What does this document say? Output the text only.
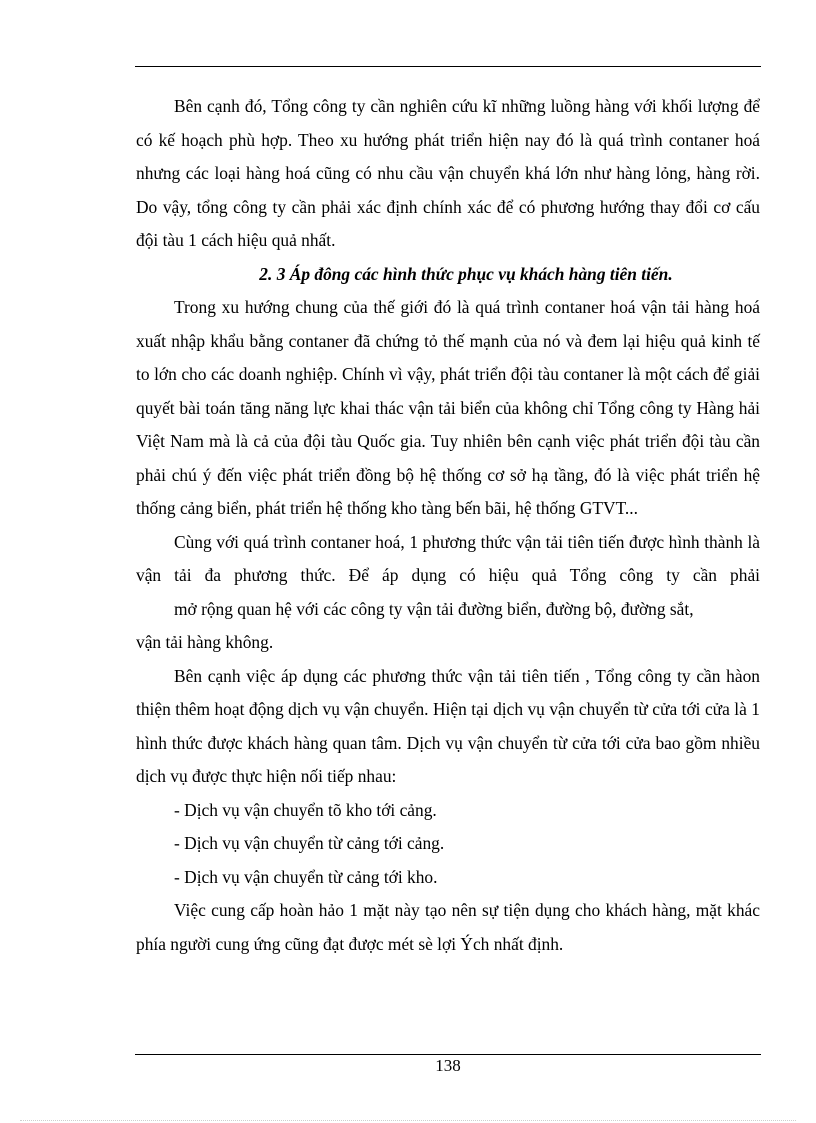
Bên cạnh đó, Tổng công ty cần nghiên cứu kĩ những luồng hàng với khối lượng để có kế hoạch phù hợp. Theo xu hướng phát triển hiện nay đó là quá trình contaner hoá nhưng các loại hàng hoá cũng có nhu cầu vận chuyển khá lớn như hàng lỏng, hàng rời. Do vậy, tổng công ty cần phải xác định chính xác để có phương hướng thay đổi cơ cấu đội tàu 1 cách hiệu quả nhất.

2. 3 Áp đông các hình thức phục vụ khách hàng tiên tiến.

Trong xu hướng chung của thế giới đó là quá trình contaner hoá vận tải hàng hoá xuất nhập khẩu bằng contaner đã chứng tỏ thế mạnh của nó và đem lại hiệu quả kinh tế to lớn cho các doanh nghiệp. Chính vì vậy, phát triển đội tàu contaner là một cách để giải quyết bài toán tăng năng lực khai thác vận tải biển của không chỉ Tổng công ty Hàng hải Việt Nam mà là cả của đội tàu Quốc gia. Tuy nhiên bên cạnh việc phát triển đội tàu cần phải chú ý đến việc phát triển đồng bộ hệ thống cơ sở hạ tầng, đó là việc phát triển hệ thống cảng biển, phát triển hệ thống kho tàng bến bãi, hệ thống GTVT...

Cùng với quá trình contaner hoá, 1 phương thức vận tải tiên tiến được hình thành là vận tải đa phương thức. Để áp dụng có hiệu quả Tổng công ty cần phải

mở rộng quan hệ với các công ty vận tải đường biển, đường bộ, đường sắt,

vận tải hàng không.

Bên cạnh việc áp dụng các phương thức vận tải tiên tiến , Tổng công ty cần hàon thiện thêm hoạt động dịch vụ vận chuyển. Hiện tại dịch vụ vận chuyển từ cửa tới cửa là 1 hình thức được khách hàng quan tâm. Dịch vụ vận chuyển từ cửa tới cửa bao gồm nhiều dịch vụ được thực hiện nối tiếp nhau:

- Dịch vụ vận chuyển tõ kho tới cảng.

- Dịch vụ vận chuyển từ cảng tới cảng.

- Dịch vụ vận chuyển từ cảng tới kho.

Việc cung cấp hoàn hảo 1 mặt này tạo nên sự tiện dụng cho khách hàng, mặt khác phía người cung ứng cũng đạt được mét sè lợi Ých nhất định.

138
